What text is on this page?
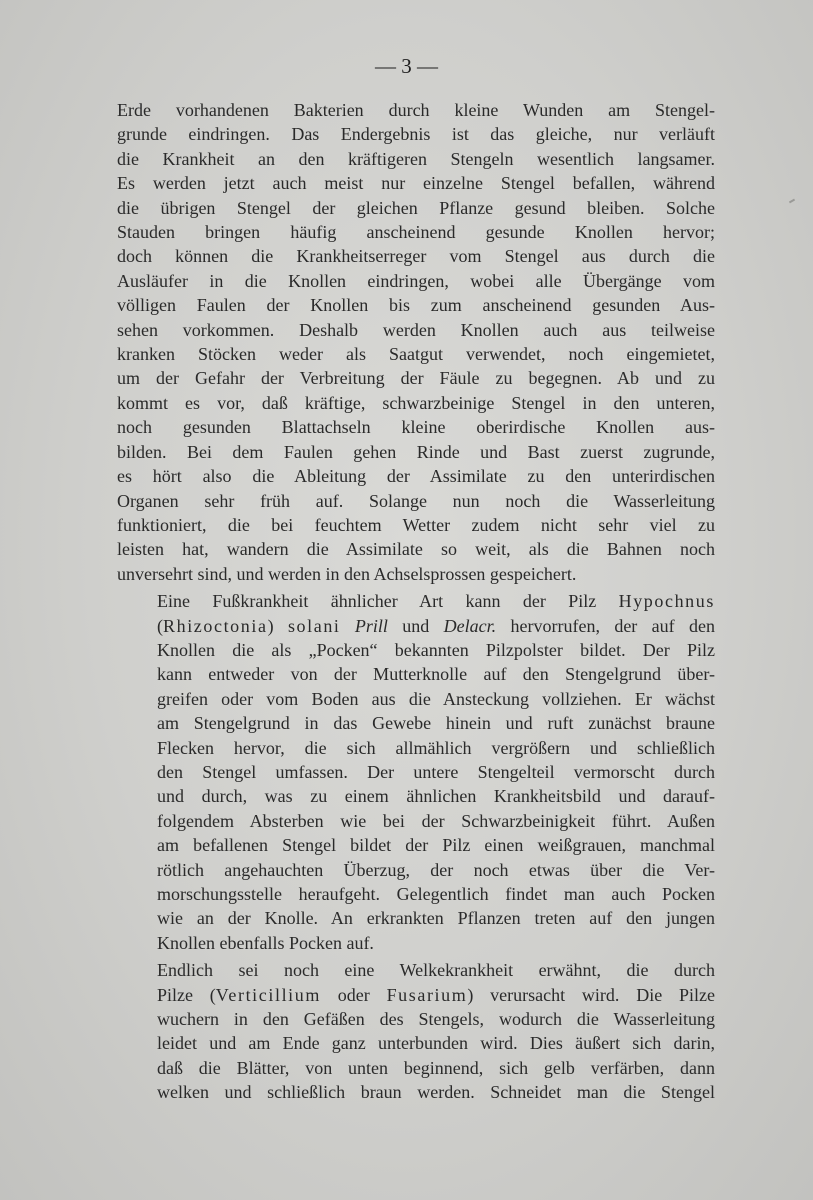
— 3 —

Erde vorhandenen Bakterien durch kleine Wunden am Stengel-
grunde eindringen. Das Endergebnis ist das gleiche, nur verläuft
die Krankheit an den kräftigeren Stengeln wesentlich langsamer.
Es werden jetzt auch meist nur einzelne Stengel befallen, während
die übrigen Stengel der gleichen Pflanze gesund bleiben. Solche
Stauden bringen häufig anscheinend gesunde Knollen hervor;
doch können die Krankheitserreger vom Stengel aus durch die
Ausläufer in die Knollen eindringen, wobei alle Übergänge vom
völligen Faulen der Knollen bis zum anscheinend gesunden Aus-
sehen vorkommen. Deshalb werden Knollen auch aus teilweise
kranken Stöcken weder als Saatgut verwendet, noch eingemietet,
um der Gefahr der Verbreitung der Fäule zu begegnen. Ab und zu
kommt es vor, daß kräftige, schwarzbeinige Stengel in den unteren,
noch gesunden Blattachseln kleine oberirdische Knollen aus-
bilden. Bei dem Faulen gehen Rinde und Bast zuerst zugrunde,
es hört also die Ableitung der Assimilate zu den unterirdischen
Organen sehr früh auf. Solange nun noch die Wasserleitung
funktioniert, die bei feuchtem Wetter zudem nicht sehr viel zu
leisten hat, wandern die Assimilate so weit, als die Bahnen noch
unversehrt sind, und werden in den Achselsprossen gespeichert.

Eine Fußkrankheit ähnlicher Art kann der Pilz Hypochnus
(Rhizoctonia) solani Prill und Delacr. hervorrufen, der auf den
Knollen die als „Pocken“ bekannten Pilzpolster bildet. Der Pilz
kann entweder von der Mutterknolle auf den Stengelgrund über-
greifen oder vom Boden aus die Ansteckung vollziehen. Er wächst
am Stengelgrund in das Gewebe hinein und ruft zunächst braune
Flecken hervor, die sich allmählich vergrößern und schließlich
den Stengel umfassen. Der untere Stengelteil vermorscht durch
und durch, was zu einem ähnlichen Krankheitsbild und darauf-
folgendem Absterben wie bei der Schwarzbeinigkeit führt. Außen
am befallenen Stengel bildet der Pilz einen weißgrauen, manchmal
rötlich angehauchten Überzug, der noch etwas über die Ver-
morschungsstelle heraufgeht. Gelegentlich findet man auch Pocken
wie an der Knolle. An erkrankten Pflanzen treten auf den jungen
Knollen ebenfalls Pocken auf.

Endlich sei noch eine Welkekrankheit erwähnt, die durch
Pilze (Verticillium oder Fusarium) verursacht wird. Die Pilze
wuchern in den Gefäßen des Stengels, wodurch die Wasserleitung
leidet und am Ende ganz unterbunden wird. Dies äußert sich darin,
daß die Blätter, von unten beginnend, sich gelb verfärben, dann
welken und schließlich braun werden. Schneidet man die Stengel
